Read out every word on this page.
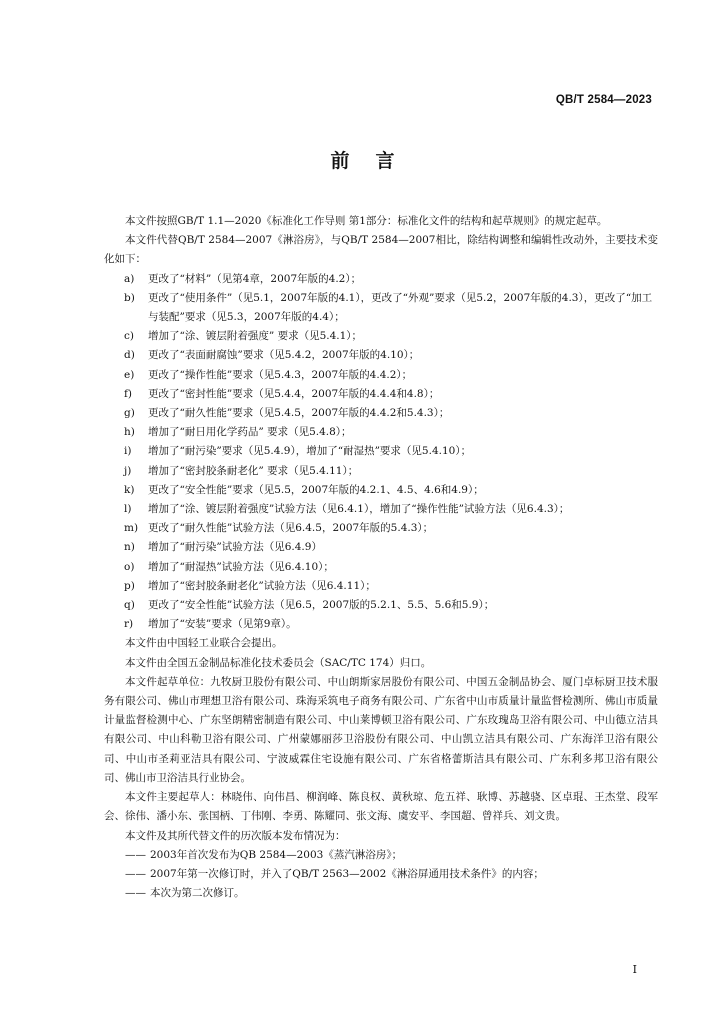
QB/T 2584—2023
前言

本文件按照GB/T 1.1—2020《标准化工作导则 第1部分：标准化文件的结构和起草规则》的规定起草。

本文件代替QB/T 2584—2007《淋浴房》，与QB/T 2584—2007相比，除结构调整和编辑性改动外，主要技术变化如下：

a) 更改了“材料”（见第4章，2007年版的4.2）；
b) 更改了“使用条件”（见5.1，2007年版的4.1），更改了“外观”要求（见5.2，2007年版的4.3），更改了“加工与装配”要求（见5.3，2007年版的4.4）；
c) 增加了“涂、镀层附着强度” 要求（见5.4.1）；
d) 更改了“表面耐腐蚀”要求（见5.4.2，2007年版的4.10）；
e) 更改了“操作性能”要求（见5.4.3，2007年版的4.4.2）；
f) 更改了“密封性能”要求（见5.4.4，2007年版的4.4.4和4.8）；
g) 更改了“耐久性能”要求（见5.4.5，2007年版的4.4.2和5.4.3）；
h) 增加了“耐日用化学药品” 要求（见5.4.8）；
i) 增加了“耐污染”要求（见5.4.9），增加了“耐湿热”要求（见5.4.10）；
j) 增加了“密封胶条耐老化” 要求（见5.4.11）；
k) 更改了“安全性能”要求（见5.5，2007年版的4.2.1、4.5、4.6和4.9）；
l) 增加了“涂、镀层附着强度”试验方法（见6.4.1），增加了“操作性能”试验方法（见6.4.3）；
m) 更改了“耐久性能”试验方法（见6.4.5，2007年版的5.4.3）；
n) 增加了“耐污染”试验方法（见6.4.9）
o) 增加了“耐湿热”试验方法（见6.4.10）；
p) 增加了“密封胶条耐老化”试验方法（见6.4.11）；
q) 更改了“安全性能”试验方法（见6.5，2007版的5.2.1、5.5、5.6和5.9）；
r) 增加了“安装”要求（见第9章）。

本文件由中国轻工业联合会提出。

本文件由全国五金制品标准化技术委员会（SAC/TC 174）归口。

本文件起草单位：九牧厨卫股份有限公司、中山朗斯家居股份有限公司、中国五金制品协会、厦门卓标厨卫技术服务有限公司、佛山市理想卫浴有限公司、珠海采筑电子商务有限公司、广东省中山市质量计量监督检测所、佛山市质量计量监督检测中心、广东坚朗精密制造有限公司、中山莱博顿卫浴有限公司、广东玫瑰岛卫浴有限公司、中山德立洁具有限公司、中山科勒卫浴有限公司、广州蒙娜丽莎卫浴股份有限公司、中山凯立洁具有限公司、广东海洋卫浴有限公司、中山市圣莉亚洁具有限公司、宁波威霖住宅设施有限公司、广东省格蕾斯洁具有限公司、广东利多邦卫浴有限公司、佛山市卫浴洁具行业协会。

本文件主要起草人：林晓伟、向伟昌、柳润峰、陈良权、黄秋琼、危五祥、耿博、苏越骁、区卓琨、王杰堂、段军会、徐伟、潘小东、张国柄、丁伟刚、李勇、陈耀同、张文海、虞安平、李国超、曾祥兵、刘文贵。

本文件及其所代替文件的历次版本发布情况为：

—— 2003年首次发布为QB 2584—2003《蒸汽淋浴房》；
—— 2007年第一次修订时，并入了QB/T 2563—2002《淋浴屏通用技术条件》的内容；
—— 本次为第二次修订。
I
